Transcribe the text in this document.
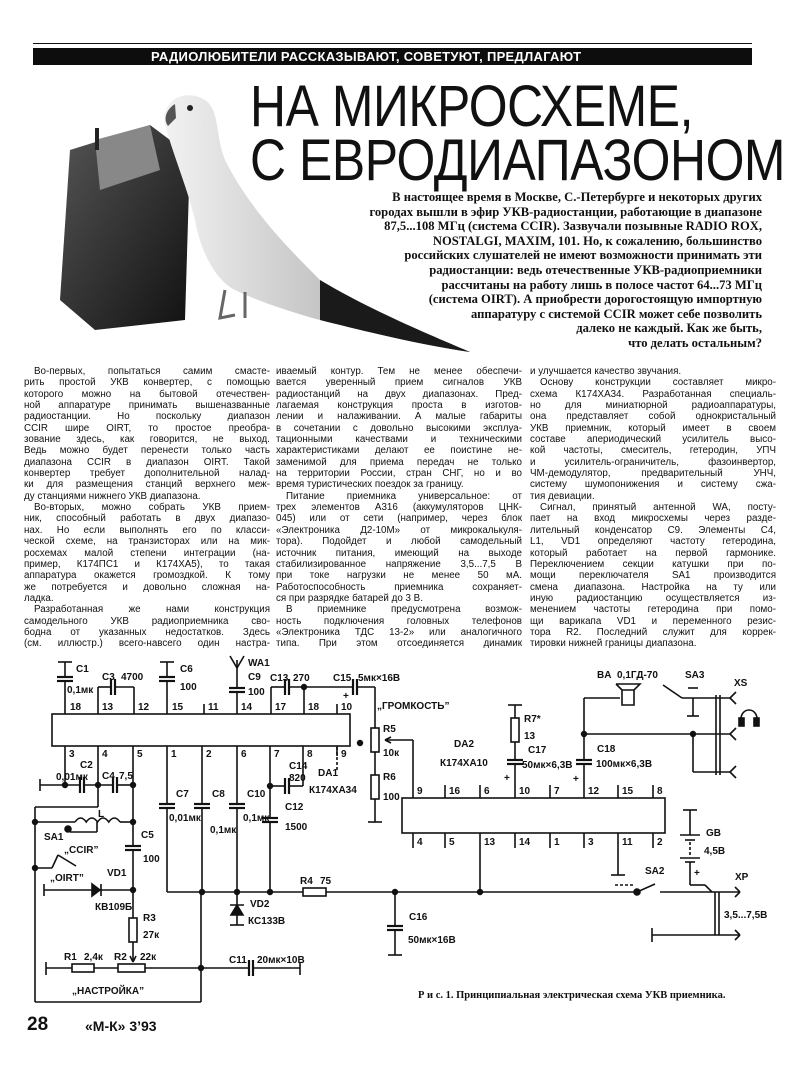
РАДИОЛЮБИТЕЛИ РАССКАЗЫВАЮТ, СОВЕТУЮТ, ПРЕДЛАГАЮТ
НА МИКРОСХЕМЕ,
С ЕВРОДИАПАЗОНОМ
В настоящее время в Москве, С.-Петербурге и некоторых других
городах вышли в эфир УКВ-радиостанции, работающие в диапазоне
87,5...108 МГц (система CCIR). Зазвучали позывные RADIO ROX,
NOSTALGI, MAXIM, 101. Но, к сожалению, большинство
российских слушателей не имеют возможности принимать эти
радиостанции: ведь отечественные УКВ-радиоприемники
рассчитаны на работу лишь в полосе частот 64...73 МГц
(система OIRT). А приобрести дорогостоящую импортную
аппаратуру с системой CCIR может себе позволить
далеко не каждый. Как же быть,
что делать остальным?
Во-первых, попытаться самим смасте-
рить простой УКВ конвертер, с помощью
которого можно на бытовой отечествен-
ной аппаратуре принимать вышеназванные
радиостанции. Но поскольку диапазон
CCIR шире OIRT, то простое преобра-
зование здесь, как говорится, не выход.
Ведь можно будет перенести только часть
диапазона CCIR в диапазон OIRT. Такой
конвертер требует дополнительной налад-
ки для размещения станций верхнего меж-
ду станциями нижнего УКВ диапазона.
Во-вторых, можно собрать УКВ прием-
ник, способный работать в двух диапазо-
нах. Но если выполнять его по класси-
ческой схеме, на транзисторах или на мик-
росхемах малой степени интеграции (на-
пример, К174ПС1 и К174ХА5), то такая
аппаратура окажется громоздкой. К тому
же потребуется и довольно сложная на-
ладка.
Разработанная же нами конструкция
самодельного УКВ радиоприемника сво-
бодна от указанных недостатков. Здесь
(см. иллюстр.) всего-навсего один настра-
иваемый контур. Тем не менее обеспечи-
вается уверенный прием сигналов УКВ
радиостанций на двух диапазонах. Пред-
лагаемая конструкция проста в изготов-
лении и налаживании. А малые габариты
в сочетании с довольно высокими эксплуа-
тационными качествами и техническими
характеристиками делают ее поистине не-
заменимой для приема передач не только
на территории России, стран СНГ, но и во
время туристических поездок за границу.
Питание приемника универсальное: от
трех элементов А316 (аккумуляторов ЦНК-
045) или от сети (например, через блок
«Электроника Д2-10М» от микрокалькуля-
тора). Подойдет и любой самодельный
источник питания, имеющий на выходе
стабилизированное напряжение 3,5...7,5 В
при токе нагрузки не менее 50 мА.
Работоспособность приемника сохраняет-
ся при разрядке батарей до 3 В.
В приемнике предусмотрена возмож-
ность подключения головных телефонов
«Электроника ТДС 13-2» или аналогичного
типа. При этом отсоединяется динамик
и улучшается качество звучания.
Основу конструкции составляет микро-
схема К174ХА34. Разработанная специаль-
но для миниатюрной радиоаппаратуры,
она представляет собой однокристальный
УКВ приемник, который имеет в своем
составе апериодический усилитель высо-
кой частоты, смеситель, гетеродин, УПЧ
и усилитель-ограничитель, фазоинвертор,
ЧМ-демодулятор, предварительный УНЧ,
систему шумопонижения и систему сжа-
тия девиации.
Сигнал, принятый антенной WA, посту-
пает на вход микросхемы через разде-
лительный конденсатор С9. Элементы С4,
L1, VD1 определяют частоту гетеродина,
который работает на первой гармонике.
Переключением секции катушки при по-
мощи переключателя SA1 производится
смена диапазона. Настройка на ту или
иную радиостанцию осуществляется из-
менением частоты гетеродина при помо-
щи варикапа VD1 и переменного резис-
тора R2. Последний служит для коррек-
тировки нижней границы диапазона.
C1
0,1мк
C3 4700
C6
100
WA1
C9
100
C13 270 C15 5мк×16В
+
18 13 12 15 11 14 17 18 10
3	4	5	1	2	6	7	8	9
C2
0,01мк C4 7,5
L
SA1
„CCIR”
C5
100
C7
0,01мк
C8
0,1мк
C10
0,1мк
C12
1500
C14
820 DA1
К174ХА34
„OIRT” VD1
КВ109Б
R3
27к
R1 2,4к R2 22к
„НАСТРОЙКА”
VD2
КС133В
R4 75
C11 20мк×10В
C16
50мк×16В
„ГРОМКОСТЬ”
R5
10к
R6
100
DA2
К174ХА10
9	16 6	10 7	12 15 8
4	5	13 14 1	3	11 2
R7*
13
C17
50мк×6,3В
+
C18
100мк×6,3В
+
BA 0,1ГД-70	SA3
XS
GB
4,5В
+
SA2
XP
3,5...7,5В
Р и с. 1. Принципиальная электрическая схема УКВ приемника.
28	«М-К» 3’93
